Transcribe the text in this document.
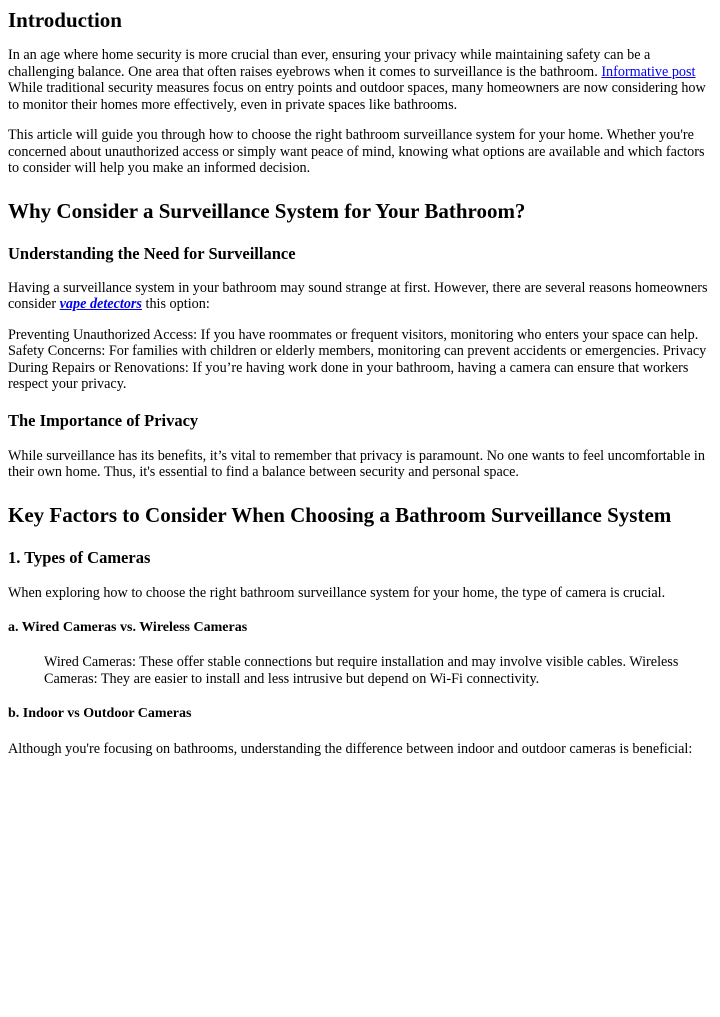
Introduction

In an age where home security is more crucial than ever, ensuring your privacy while maintaining safety can be a challenging balance. One area that often raises eyebrows when it comes to surveillance is the bathroom. Informative post While traditional security measures focus on entry points and outdoor spaces, many homeowners are now considering how to monitor their homes more effectively, even in private spaces like bathrooms.

This article will guide you through how to choose the right bathroom surveillance system for your home. Whether you're concerned about unauthorized access or simply want peace of mind, knowing what options are available and which factors to consider will help you make an informed decision.

Why Consider a Surveillance System for Your Bathroom?
Understanding the Need for Surveillance

Having a surveillance system in your bathroom may sound strange at first. However, there are several reasons homeowners consider vape detectors this option:

Preventing Unauthorized Access: If you have roommates or frequent visitors, monitoring who enters your space can help. Safety Concerns: For families with children or elderly members, monitoring can prevent accidents or emergencies. Privacy During Repairs or Renovations: If you’re having work done in your bathroom, having a camera can ensure that workers respect your privacy.

The Importance of Privacy

While surveillance has its benefits, it’s vital to remember that privacy is paramount. No one wants to feel uncomfortable in their own home. Thus, it's essential to find a balance between security and personal space.

Key Factors to Consider When Choosing a Bathroom Surveillance System
1. Types of Cameras

When exploring how to choose the right bathroom surveillance system for your home, the type of camera is crucial.

a. Wired Cameras vs. Wireless Cameras

Wired Cameras: These offer stable connections but require installation and may involve visible cables. Wireless Cameras: They are easier to install and less intrusive but depend on Wi-Fi connectivity.

b. Indoor vs Outdoor Cameras

Although you're focusing on bathrooms, understanding the difference between indoor and outdoor cameras is beneficial:
